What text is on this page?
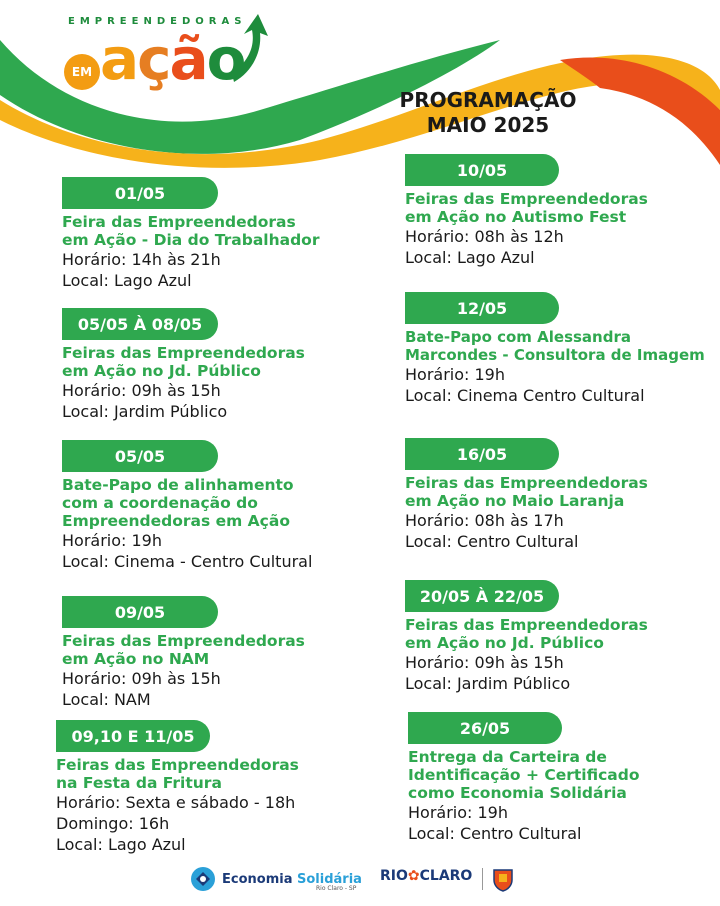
EMPREENDEDORAS
EM ação
PROGRAMAÇÃO
MAIO 2025
01/05
Feira das Empreendedoras
em Ação - Dia do Trabalhador
Horário: 14h às 21h
Local: Lago Azul
05/05 À 08/05
Feiras das Empreendedoras
em Ação no Jd. Público
Horário: 09h às 15h
Local: Jardim Público
05/05
Bate-Papo de alinhamento
com a coordenação do
Empreendedoras em Ação
Horário: 19h
Local: Cinema - Centro Cultural
09/05
Feiras das Empreendedoras
em Ação no NAM
Horário: 09h às 15h
Local: NAM
09,10 E 11/05
Feiras das Empreendedoras
na Festa da Fritura
Horário: Sexta e sábado - 18h
Domingo: 16h
Local: Lago Azul
10/05
Feiras das Empreendedoras
em Ação no Autismo Fest
Horário: 08h às 12h
Local: Lago Azul
12/05
Bate-Papo com Alessandra
Marcondes - Consultora de Imagem
Horário: 19h
Local: Cinema Centro Cultural
16/05
Feiras das Empreendedoras
em Ação no Maio Laranja
Horário: 08h às 17h
Local: Centro Cultural
20/05 À 22/05
Feiras das Empreendedoras
em Ação no Jd. Público
Horário: 09h às 15h
Local: Jardim Público
26/05
Entrega da Carteira de
Identificação + Certificado
como Economia Solidária
Horário: 19h
Local: Centro Cultural
Economia Solidária
Rio Claro - SP
RIO✿CLARO
